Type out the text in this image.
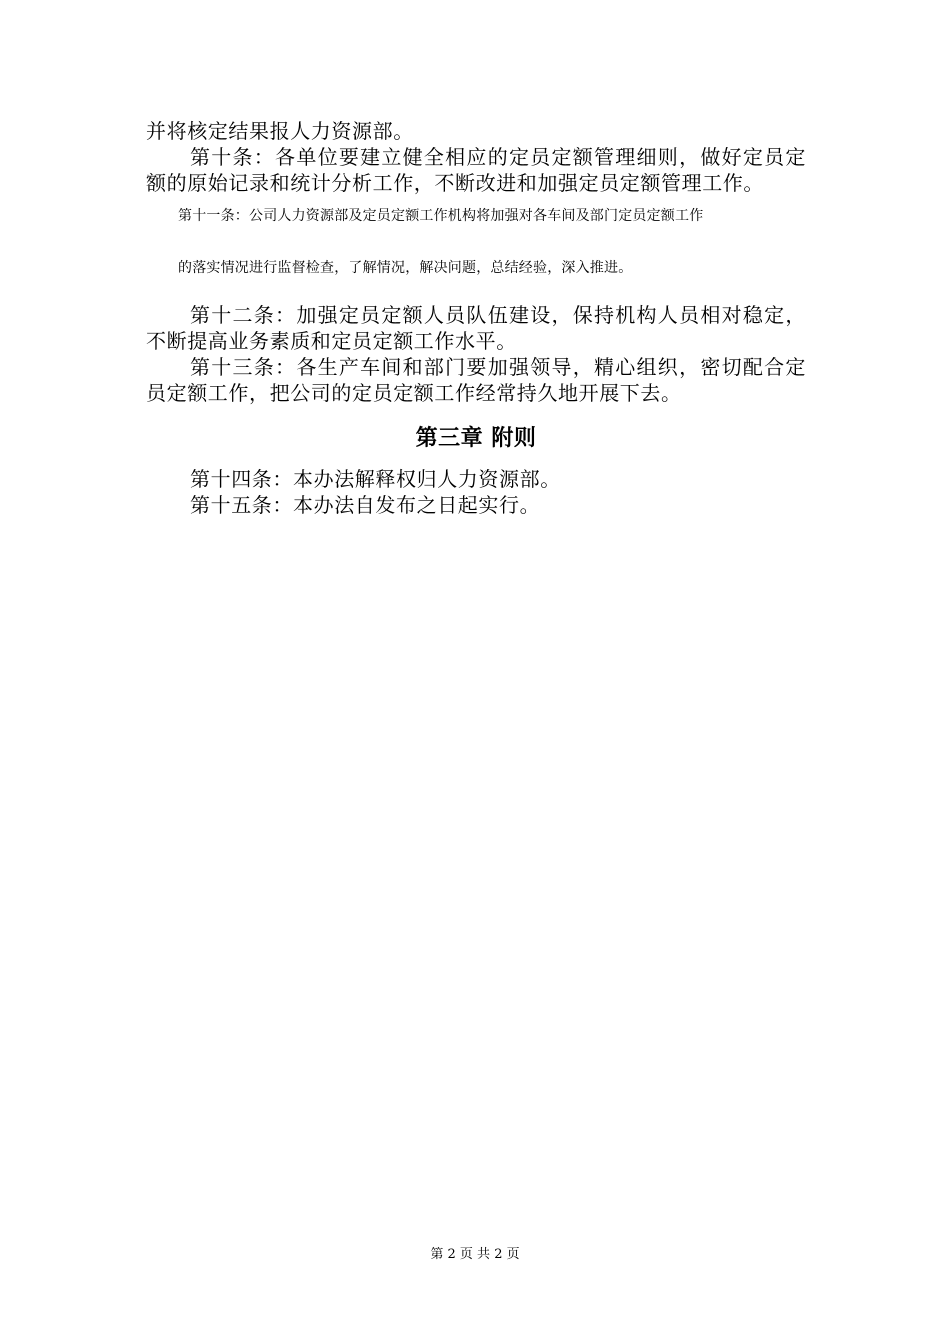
并将核定结果报人力资源部。

第十条：各单位要建立健全相应的定员定额管理细则，做好定员定额的原始记录和统计分析工作，不断改进和加强定员定额管理工作。

第十一条：公司人力资源部及定员定额工作机构将加强对各车间及部门定员定额工作

的落实情况进行监督检查，了解情况，解决问题，总结经验，深入推进。

第十二条：加强定员定额人员队伍建设，保持机构人员相对稳定，不断提高业务素质和定员定额工作水平。

第十三条：各生产车间和部门要加强领导，精心组织，密切配合定员定额工作，把公司的定员定额工作经常持久地开展下去。

第三章 附则

第十四条：本办法解释权归人力资源部。

第十五条：本办法自发布之日起实行。

第 2 页 共 2 页
